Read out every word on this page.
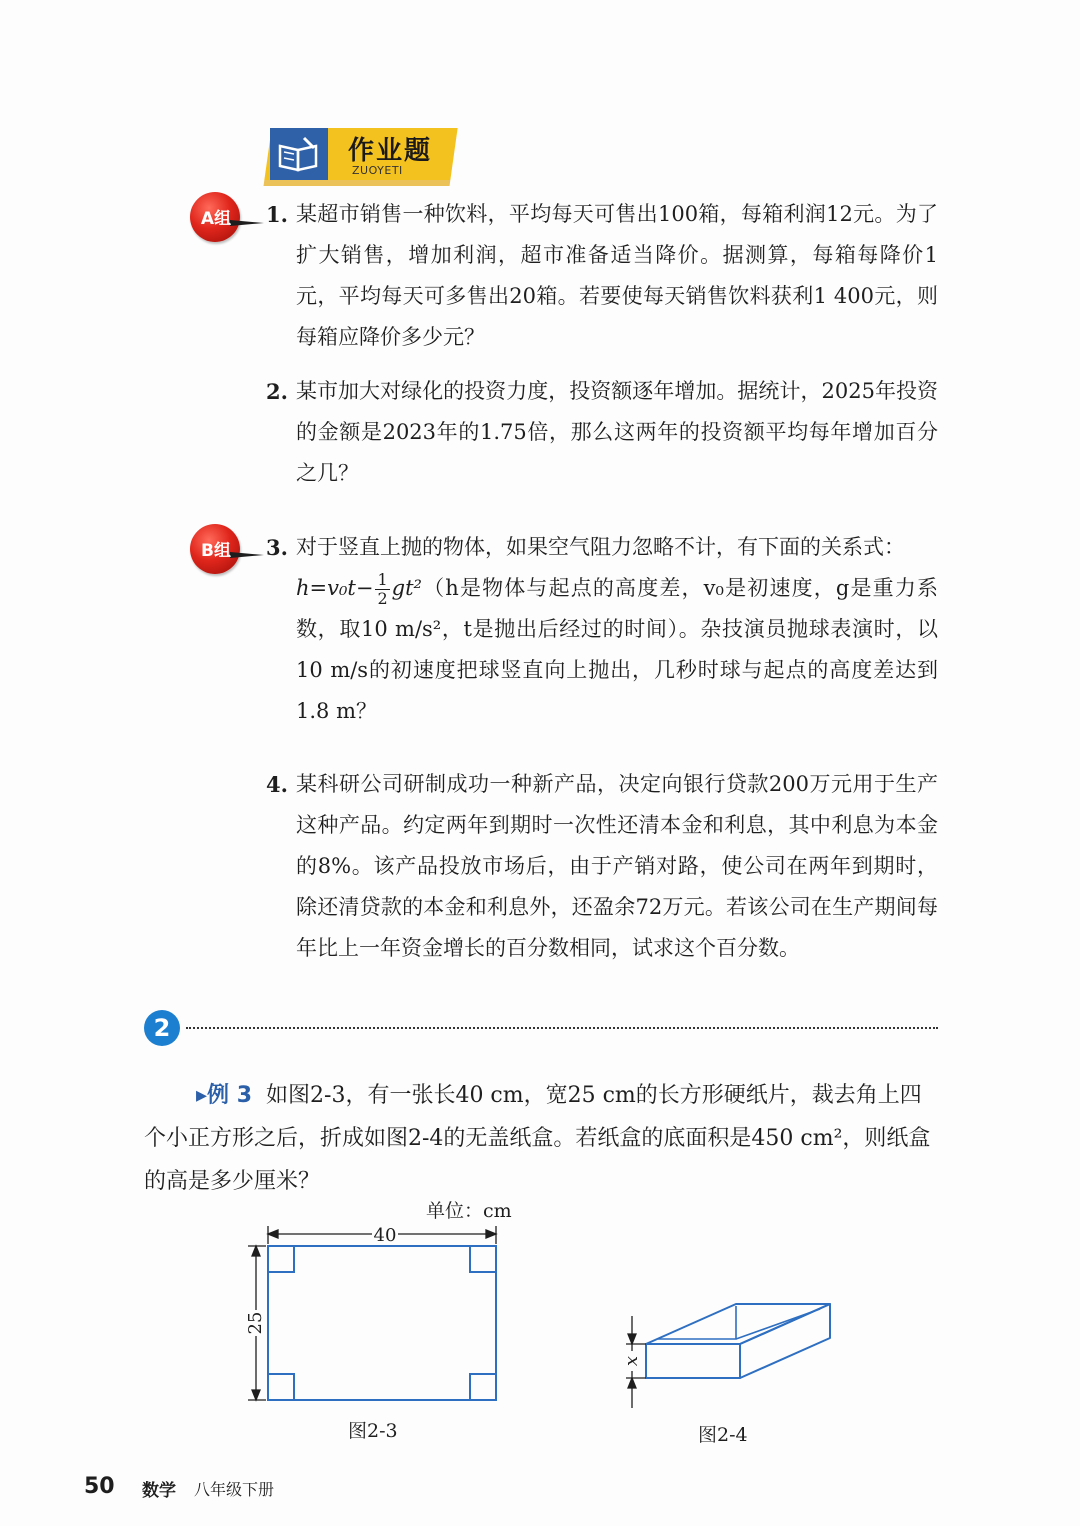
作业题
ZUOYETI
A组 1. 某超市销售一种饮料，平均每天可售出100箱，每箱利润12元。为了扩大销售，增加利润，超市准备适当降价。据测算，每箱每降价1元，平均每天可多售出20箱。若要使每天销售饮料获利1 400元，则每箱应降价多少元？
2. 某市加大对绿化的投资力度，投资额逐年增加。据统计，2025年投资的金额是2023年的1.75倍，那么这两年的投资额平均每年增加百分之几？
B组 3. 对于竖直上抛的物体，如果空气阻力忽略不计，有下面的关系式：
$h=v_0t- \frac{1}{2} gt^2(h$是物体与起点的高度差，v₀是初速度，g是重力系数，取10 m/s²，t是抛出后经过的时间）。杂技演员抛球表演时，以10 m/s的初速度把球竖直向上抛出，几秒时球与起点的高度差达到1.8 m？
4. 某科研公司研制成功一种新产品，决定向银行贷款200万元用于生产这种产品。约定两年到期时一次性还清本金和利息，其中利息为本金的8%。该产品投放市场后，由于产销对路，使公司在两年到期时，除还清贷款的本金和利息外，还盈余72万元。若该公司在生产期间每年比上一年资金增长的百分数相同，试求这个百分数。
2
▸例 3 如图2-3，有一张长40 cm，宽25 cm的长方形硬纸片，裁去角上四个小正方形之后，折成如图2-4的无盖纸盒。若纸盒的底面积是450 cm²，则纸盒的高是多少厘米？
单位：cm
40
25
图2-3
x
图2-4
50 数学 八年级下册
